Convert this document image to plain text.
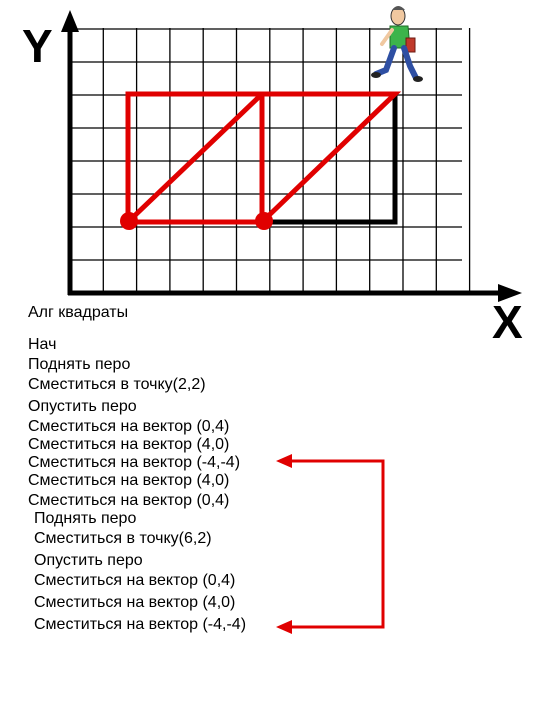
Y
X
Алг квадраты
Нач
Поднять перо
Сместиться в точку(2,2)
Опустить перо
Сместиться на вектор (0,4)
Сместиться на вектор (4,0)
Сместиться на вектор (-4,-4)
Сместиться на вектор (4,0)
Сместиться на вектор (0,4)
Поднять перо
Сместиться в точку(6,2)
Опустить перо
Сместиться на вектор (0,4)
Сместиться на вектор (4,0)
Сместиться на вектор (-4,-4)
